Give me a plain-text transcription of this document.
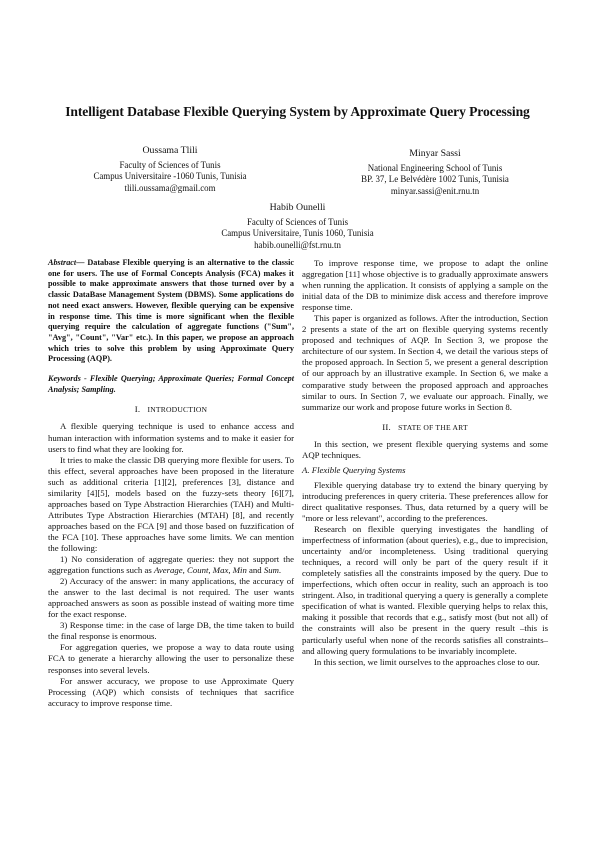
Intelligent Database Flexible Querying System by Approximate Query Processing
Oussama Tlili
Faculty of Sciences of Tunis
Campus Universitaire -1060 Tunis, Tunisia
tlili.oussama@gmail.com
Minyar Sassi
National Engineering School of Tunis
BP. 37, Le Belvédère 1002 Tunis, Tunisia
minyar.sassi@enit.rnu.tn
Habib Ounelli
Faculty of Sciences of Tunis
Campus Universitaire, Tunis 1060, Tunisia
habib.ounelli@fst.rnu.tn

Abstract— Database Flexible querying is an alternative to the classic one for users. The use of Formal Concepts Analysis (FCA) makes it possible to make approximate answers that those turned over by a classic DataBase Management System (DBMS). Some applications do not need exact answers. However, flexible querying can be expensive in response time. This time is more significant when the flexible querying require the calculation of aggregate functions ("Sum", "Avg", "Count", "Var" etc.). In this paper, we propose an approach which tries to solve this problem by using Approximate Query Processing (AQP).

Keywords - Flexible Querying; Approximate Queries; Formal Concept Analysis; Sampling.

I. INTRODUCTION

A flexible querying technique is used to enhance access and human interaction with information systems and to make it easier for users to find what they are looking for.

It tries to make the classic DB querying more flexible for users. To this effect, several approaches have been proposed in the literature such as additional criteria [1][2], preferences [3], distance and similarity [4][5], models based on the fuzzy-sets theory [6][7], approaches based on Type Abstraction Hierarchies (TAH) and Multi-Attributes Type Abstraction Hierarchies (MTAH) [8], and recently approaches based on the FCA [9] and those based on fuzzification of the FCA [10]. These approaches have some limits. We can mention the following:

1) No consideration of aggregate queries: they not support the aggregation functions such as Average, Count, Max, Min and Sum.

2) Accuracy of the answer: in many applications, the accuracy of the answer to the last decimal is not required. The user wants approached answers as soon as possible instead of waiting more time for the exact response.

3) Response time: in the case of large DB, the time taken to build the final response is enormous.

For aggregation queries, we propose a way to data route using FCA to generate a hierarchy allowing the user to personalize these responses into several levels.

For answer accuracy, we propose to use Approximate Query Processing (AQP) which consists of techniques that sacrifice accuracy to improve response time.

To improve response time, we propose to adapt the online aggregation [11] whose objective is to gradually approximate answers when running the application. It consists of applying a sample on the initial data of the DB to minimize disk access and therefore improve response time.

This paper is organized as follows. After the introduction, Section 2 presents a state of the art on flexible querying systems recently proposed and techniques of AQP. In Section 3, we propose the architecture of our system. In Section 4, we detail the various steps of the proposed approach. In Section 5, we present a general description of our approach by an illustrative example. In Section 6, we make a comparative study between the proposed approach and approaches similar to ours. In Section 7, we evaluate our approach. Finally, we summarize our work and propose future works in Section 8.

II. STATE OF THE ART

In this section, we present flexible querying systems and some AQP techniques.

A. Flexible Querying Systems

Flexible querying database try to extend the binary querying by introducing preferences in query criteria. These preferences allow for direct qualitative responses. Thus, data returned by a query will be "more or less relevant", according to the preferences.

Research on flexible querying investigates the handling of imperfectness of information (about queries), e.g., due to imprecision, uncertainty and/or incompleteness. Using traditional querying techniques, a record will only be part of the query result if it completely satisfies all the constraints imposed by the query. Due to imperfections, which often occur in reality, such an approach is too stringent. Also, in traditional querying a query is generally a complete specification of what is wanted. Flexible querying helps to relax this, making it possible that records that e.g., satisfy most (but not all) of the constraints will also be present in the query result –this is particularly useful when none of the records satisfies all constraints– and allowing query formulations to be invariably incomplete.

In this section, we limit ourselves to the approaches close to our.
